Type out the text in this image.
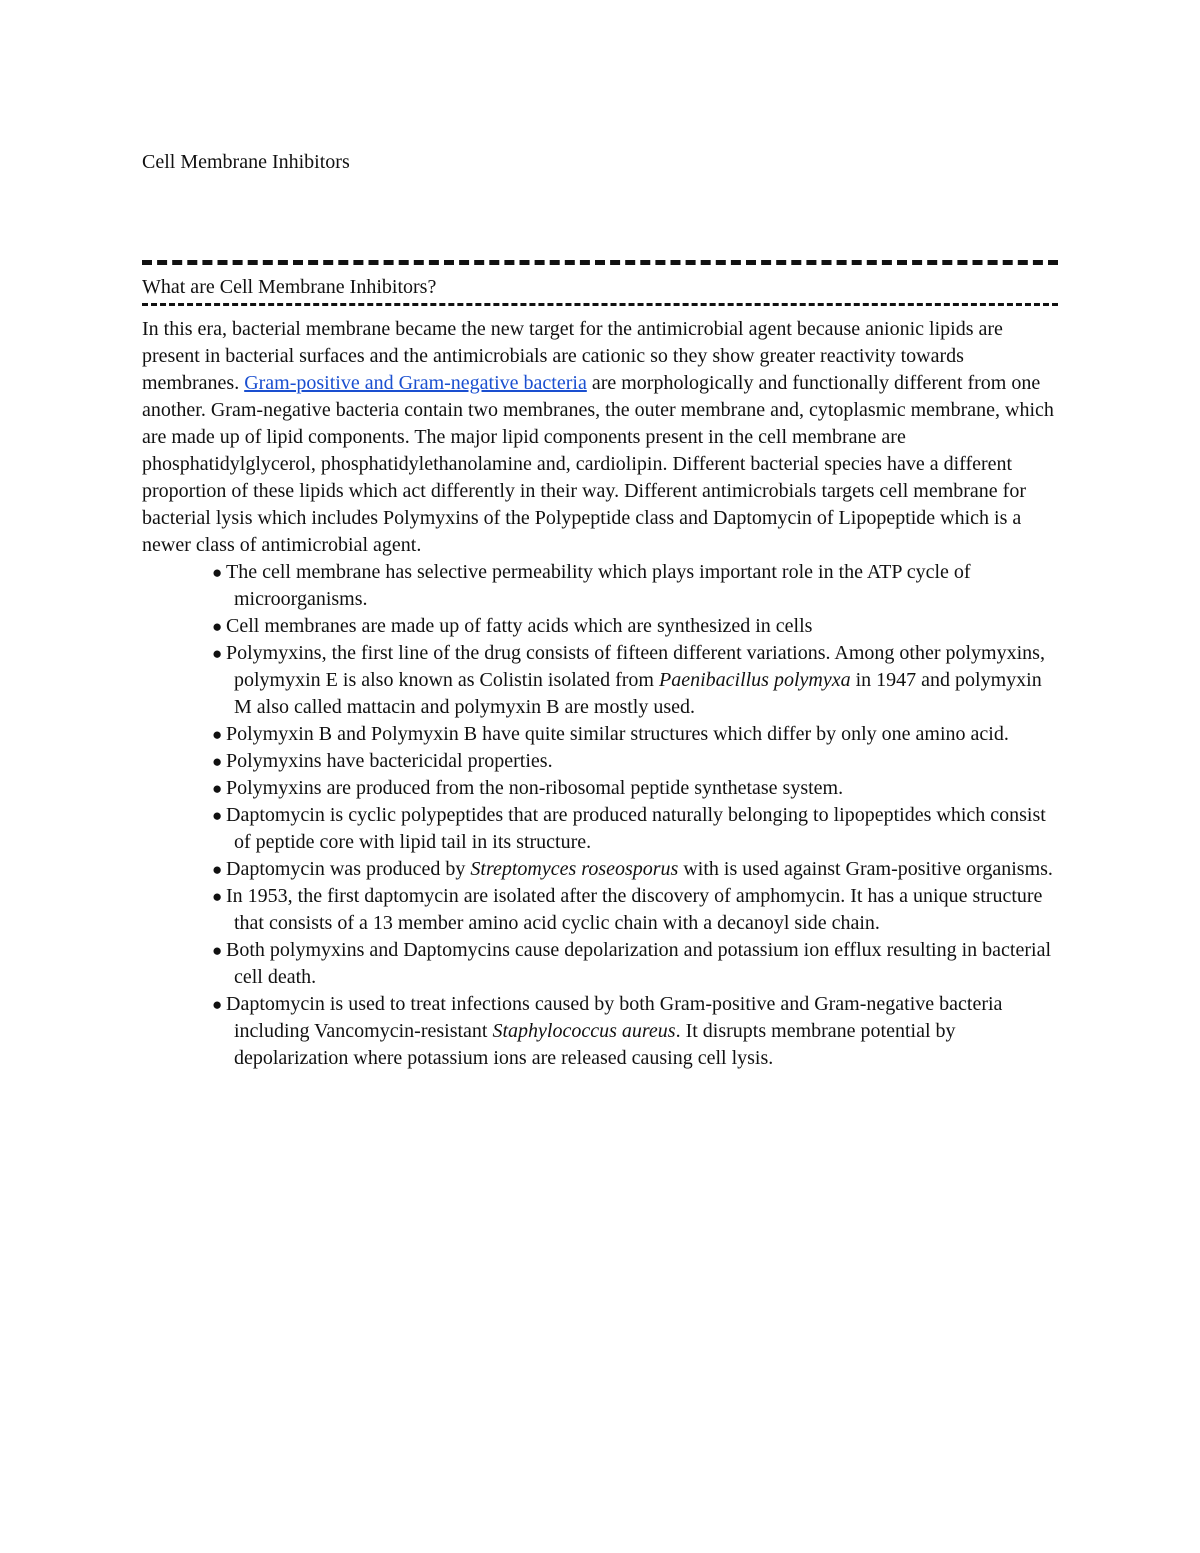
Cell Membrane Inhibitors
What are Cell Membrane Inhibitors?

In this era, bacterial membrane became the new target for the antimicrobial agent because anionic lipids are present in bacterial surfaces and the antimicrobials are cationic so they show greater reactivity towards membranes. Gram-positive and Gram-negative bacteria are morphologically and functionally different from one another. Gram-negative bacteria contain two membranes, the outer membrane and, cytoplasmic membrane, which are made up of lipid components. The major lipid components present in the cell membrane are phosphatidylglycerol, phosphatidylethanolamine and, cardiolipin. Different bacterial species have a different proportion of these lipids which act differently in their way. Different antimicrobials targets cell membrane for bacterial lysis which includes Polymyxins of the Polypeptide class and Daptomycin of Lipopeptide which is a newer class of antimicrobial agent.

● The cell membrane has selective permeability which plays important role in the ATP cycle of microorganisms.
● Cell membranes are made up of fatty acids which are synthesized in cells
● Polymyxins, the first line of the drug consists of fifteen different variations. Among other polymyxins, polymyxin E is also known as Colistin isolated from Paenibacillus polymyxa in 1947 and polymyxin M also called mattacin and polymyxin B are mostly used.
● Polymyxin B and Polymyxin B have quite similar structures which differ by only one amino acid.
● Polymyxins have bactericidal properties.
● Polymyxins are produced from the non-ribosomal peptide synthetase system.
● Daptomycin is cyclic polypeptides that are produced naturally belonging to lipopeptides which consist of peptide core with lipid tail in its structure.
● Daptomycin was produced by Streptomyces roseosporus with is used against Gram-positive organisms.
● In 1953, the first daptomycin are isolated after the discovery of amphomycin. It has a unique structure that consists of a 13 member amino acid cyclic chain with a decanoyl side chain.
● Both polymyxins and Daptomycins cause depolarization and potassium ion efflux resulting in bacterial cell death.
● Daptomycin is used to treat infections caused by both Gram-positive and Gram-negative bacteria including Vancomycin-resistant Staphylococcus aureus. It disrupts membrane potential by depolarization where potassium ions are released causing cell lysis.
